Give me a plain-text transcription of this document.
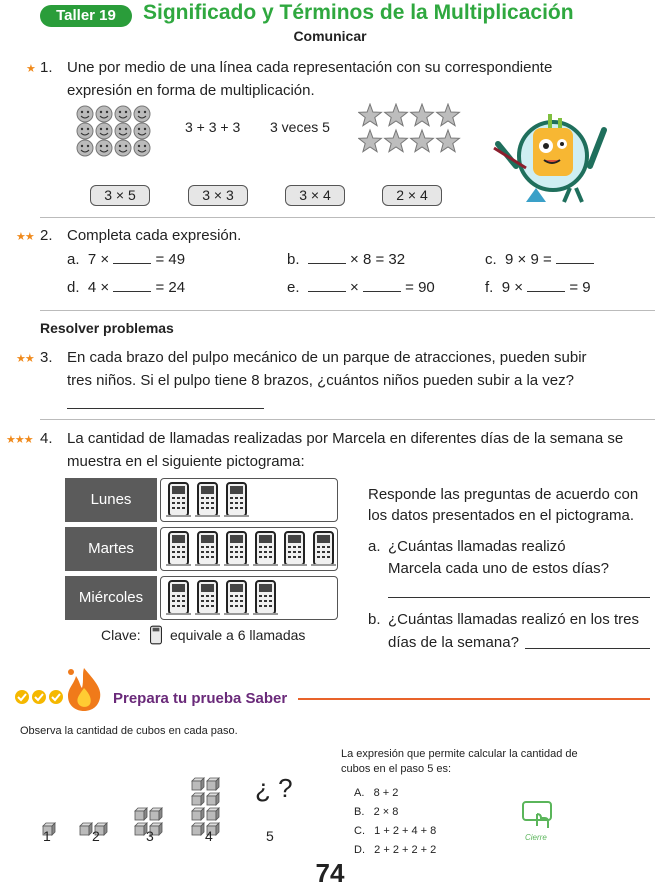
Taller 19	Significado y Términos de la Multiplicación
Comunicar
★ 1. Une por medio de una línea cada representación con su correspondiente
expresión en forma de multiplicación.
3 + 3 + 3 3 veces 5
3 × 5	3 × 3	3 × 4	2 × 4
★★ 2. Completa cada expresión.
a. 7 ×	= 49	b.	× 8 = 32	c. 9 × 9 =
d. 4 ×	= 24	e.	×	= 90	f. 9 ×	= 9
Resolver problemas
★★ 3. En cada brazo del pulpo mecánico de un parque de atracciones, pueden subir
tres niños. Si el pulpo tiene 8 brazos, ¿cuántos niños pueden subir a la vez?
★★★ 4. La cantidad de llamadas realizadas por Marcela en diferentes días de la semana se
muestra en el siguiente pictograma:
Lunes
Martes
Miércoles
Clave: equivale a 6 llamadas
Responde las preguntas de acuerdo con
los datos presentados en el pictograma.
a. ¿Cuántas llamadas realizó
Marcela cada uno de estos días?
b. ¿Cuántas llamadas realizó en los tres
días de la semana?
Prepara tu prueba Saber
Observa la cantidad de cubos en cada paso.
¿ ?
1	2	3	4	5
La expresión que permite calcular la cantidad de
cubos en el paso 5 es:
A. 8 + 2
B. 2 × 8
C. 1 + 2 + 4 + 8
D. 2 + 2 + 2 + 2
Cierre
74
